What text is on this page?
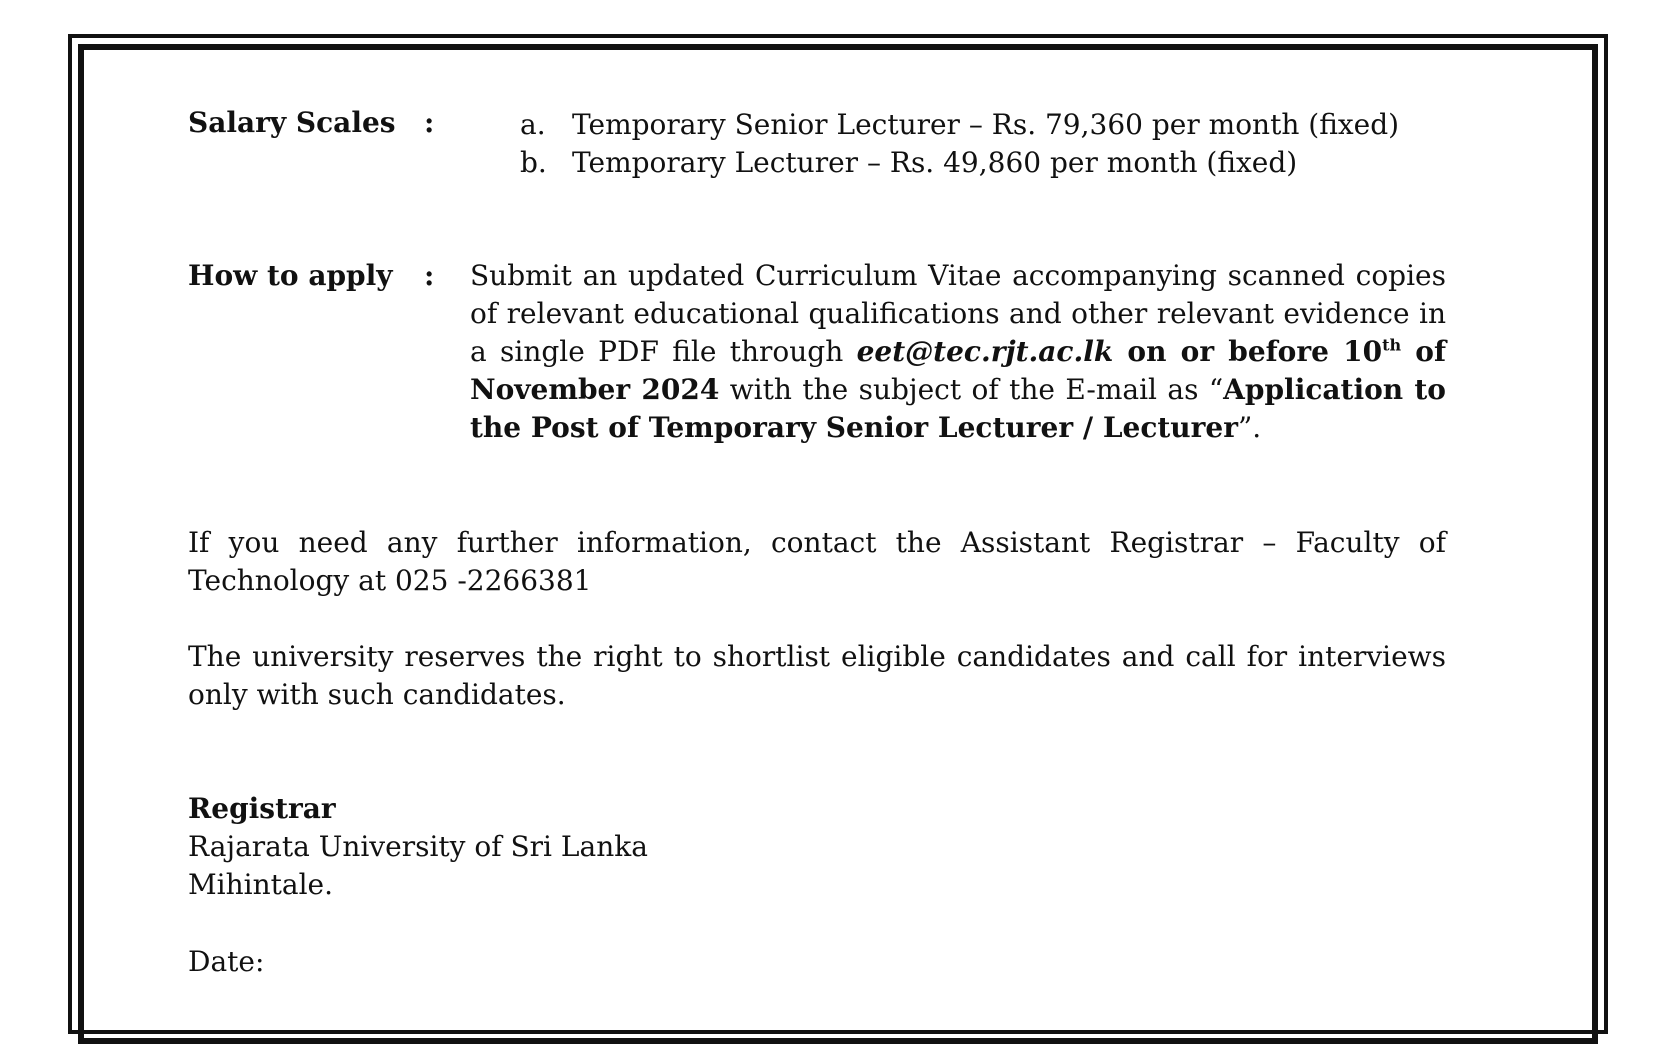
Salary Scales :	a. Temporary Senior Lecturer – Rs. 79,360 per month (fixed)
b. Temporary Lecturer – Rs. 49,860 per month (fixed)
How to apply : Submit an updated Curriculum Vitae accompanying scanned copies of relevant educational qualifications and other relevant evidence in a single PDF file through eet@tec.rjt.ac.lk on or before 10th of November 2024 with the subject of the E-mail as “Application to the Post of Temporary Senior Lecturer / Lecturer”.
If you need any further information, contact the Assistant Registrar – Faculty of Technology at 025 -2266381
The university reserves the right to shortlist eligible candidates and call for interviews only with such candidates.
Registrar
Rajarata University of Sri Lanka
Mihintale.
Date:
